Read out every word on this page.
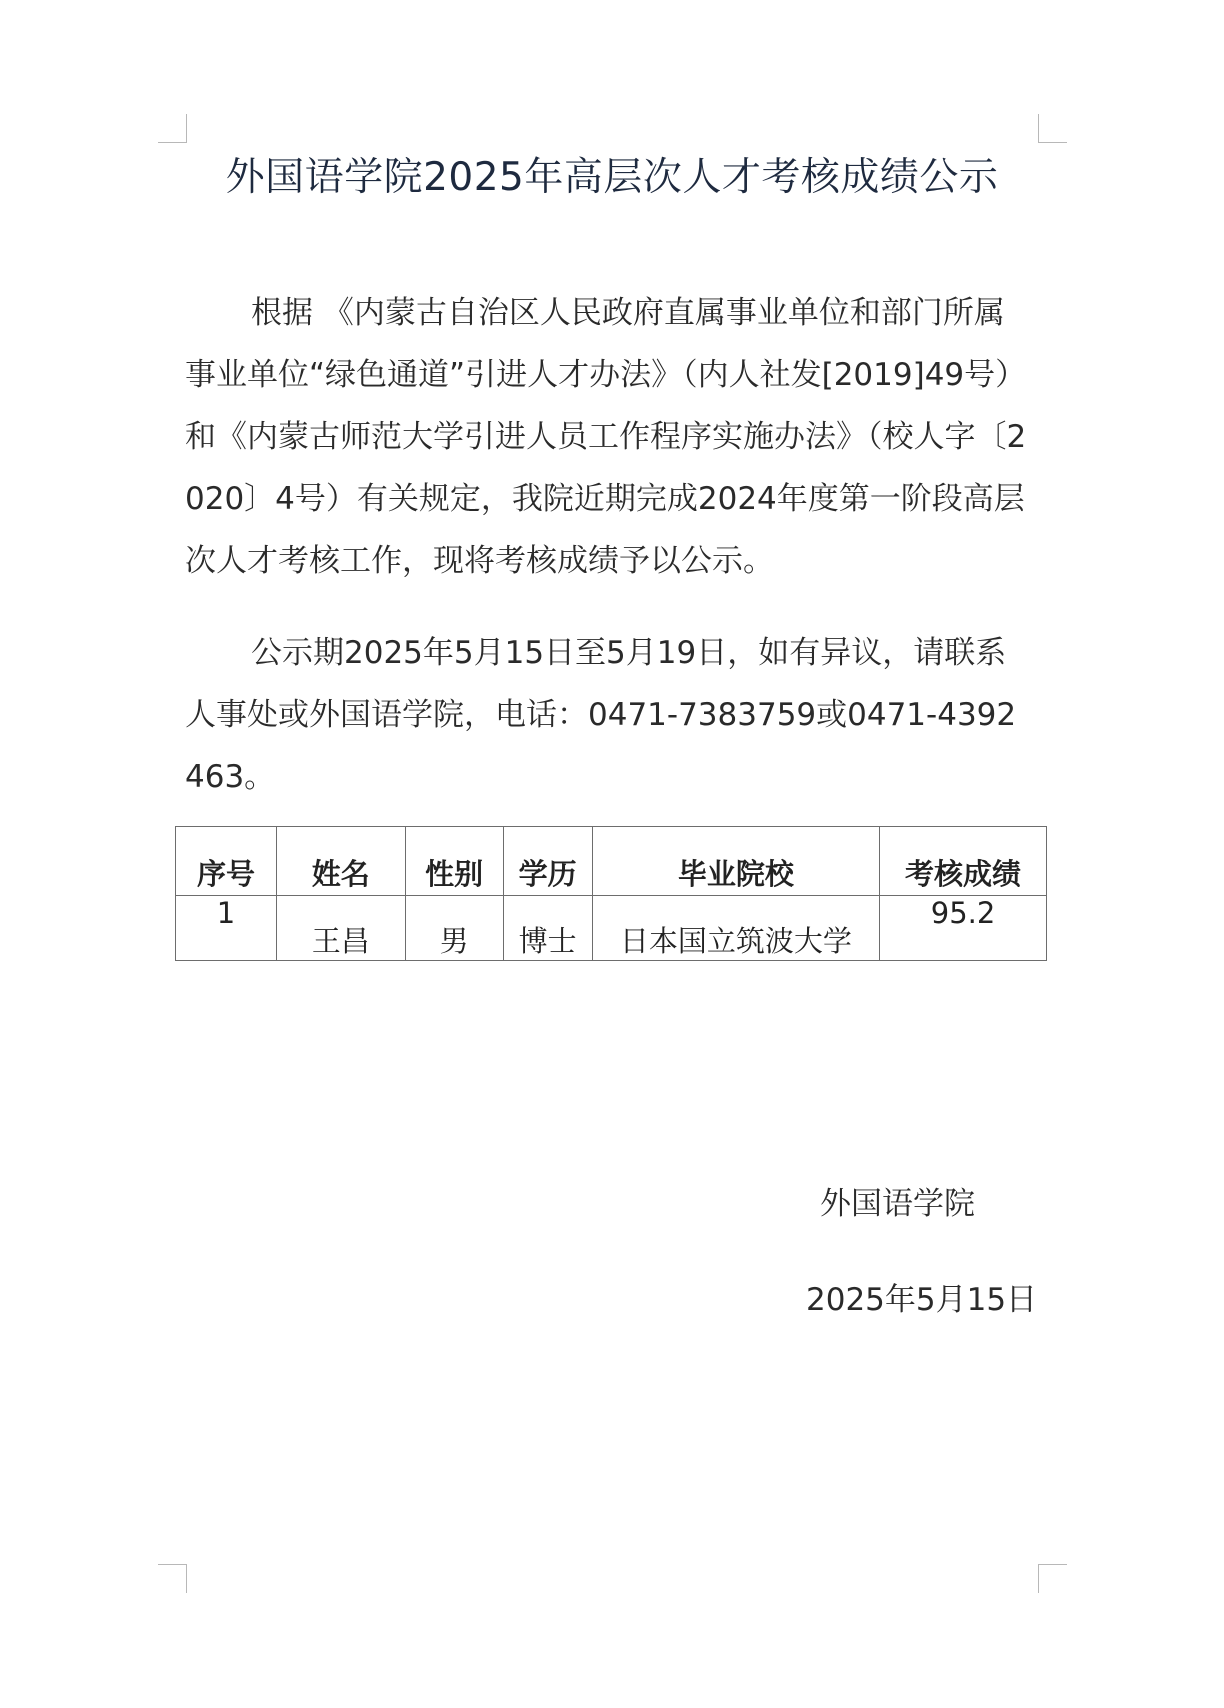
外国语学院2025年高层次人才考核成绩公示
根据 《内蒙古自治区人民政府直属事业单位和部门所属事业单位“绿色通道”引进人才办法》（内人社发[2019]49号）和《内蒙古师范大学引进人员工作程序实施办法》（校人字〔2020〕4号）有关规定，我院近期完成2024年度第一阶段高层次人才考核工作，现将考核成绩予以公示。
公示期2025年5月15日至5月19日，如有异议，请联系人事处或外国语学院，电话：0471-7383759或0471-4392463。
序号	姓名	性别	学历	毕业院校	考核成绩
1	王昌	男	博士	日本国立筑波大学	95.2
外国语学院
2025年5月15日
